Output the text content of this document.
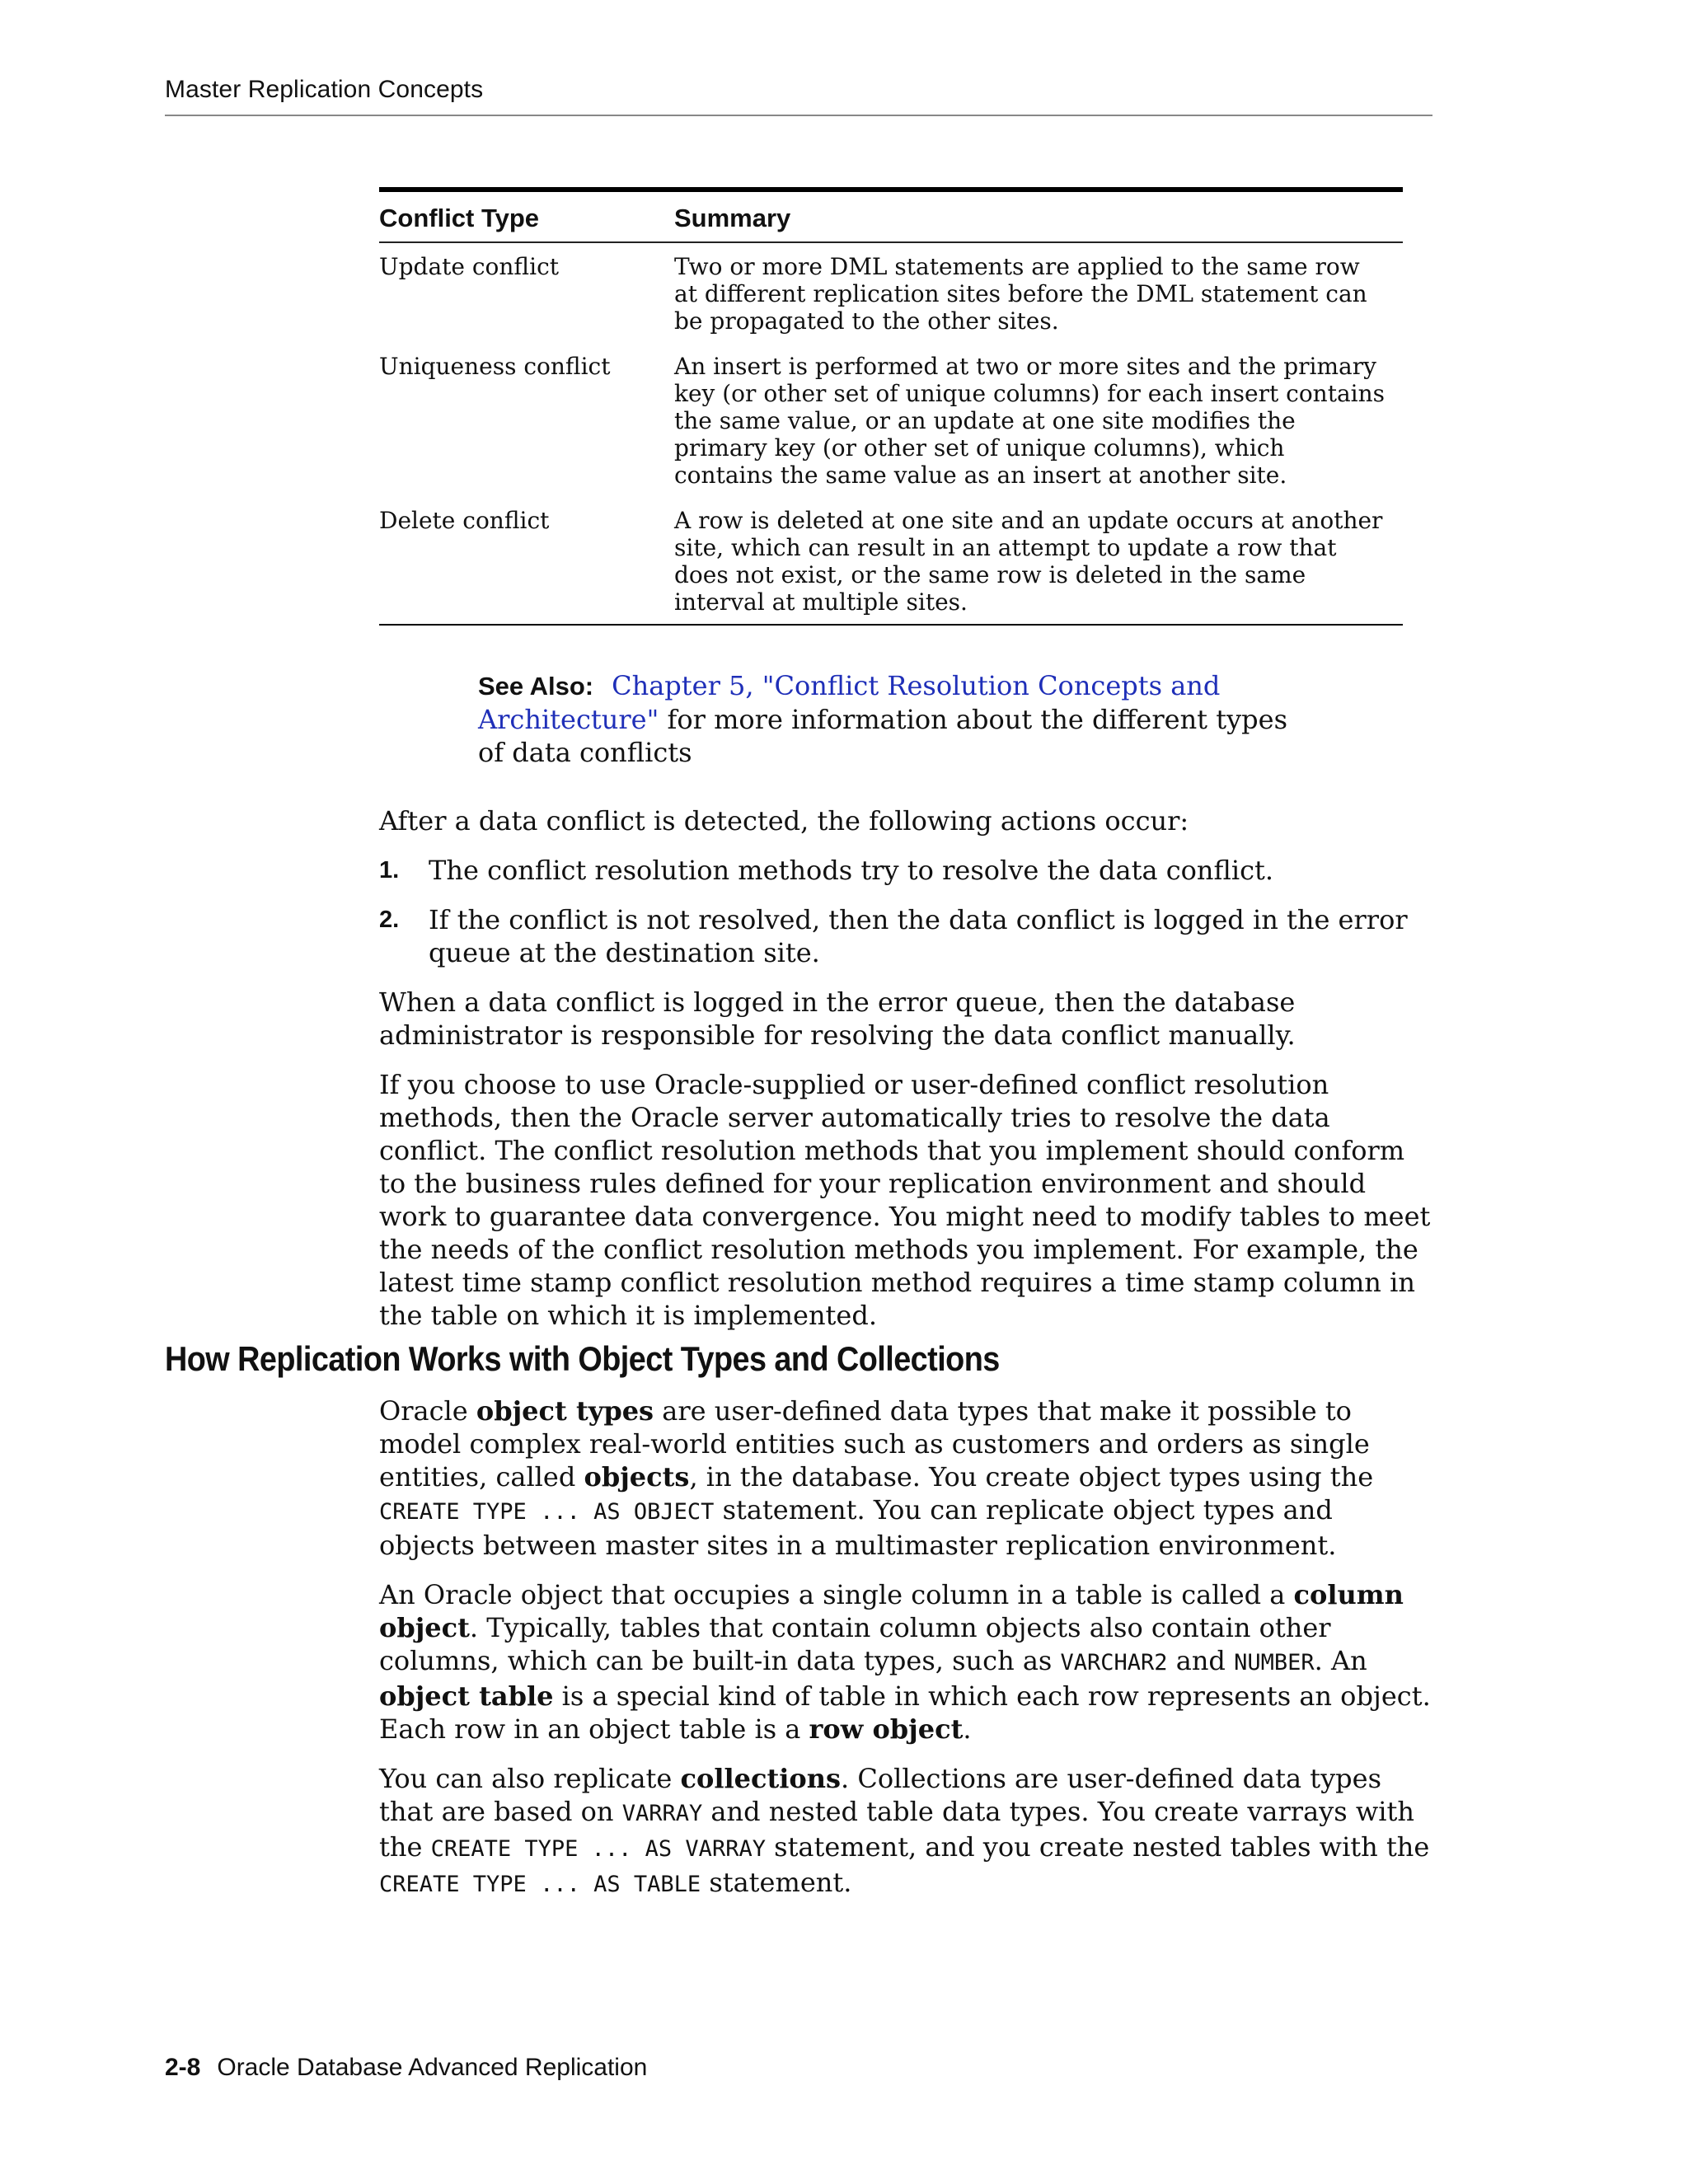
Master Replication Concepts
Conflict Type	Summary
Update conflict	Two or more DML statements are applied to the same row at different replication sites before the DML statement can be propagated to the other sites.
Uniqueness conflict	An insert is performed at two or more sites and the primary key (or other set of unique columns) for each insert contains the same value, or an update at one site modifies the primary key (or other set of unique columns), which contains the same value as an insert at another site.
Delete conflict	A row is deleted at one site and an update occurs at another site, which can result in an attempt to update a row that does not exist, or the same row is deleted in the same interval at multiple sites.
See Also: Chapter 5, "Conflict Resolution Concepts and Architecture" for more information about the different types of data conflicts

After a data conflict is detected, the following actions occur:

1. The conflict resolution methods try to resolve the data conflict.
2. If the conflict is not resolved, then the data conflict is logged in the error queue at the destination site.

When a data conflict is logged in the error queue, then the database administrator is responsible for resolving the data conflict manually.

If you choose to use Oracle-supplied or user-defined conflict resolution methods, then the Oracle server automatically tries to resolve the data conflict. The conflict resolution methods that you implement should conform to the business rules defined for your replication environment and should work to guarantee data convergence. You might need to modify tables to meet the needs of the conflict resolution methods you implement. For example, the latest time stamp conflict resolution method requires a time stamp column in the table on which it is implemented.

How Replication Works with Object Types and Collections

Oracle object types are user-defined data types that make it possible to model complex real-world entities such as customers and orders as single entities, called objects, in the database. You create object types using the CREATE TYPE ... AS OBJECT statement. You can replicate object types and objects between master sites in a multimaster replication environment.

An Oracle object that occupies a single column in a table is called a column object. Typically, tables that contain column objects also contain other columns, which can be built-in data types, such as VARCHAR2 and NUMBER. An object table is a special kind of table in which each row represents an object. Each row in an object table is a row object.

You can also replicate collections. Collections are user-defined data types that are based on VARRAY and nested table data types. You create varrays with the CREATE TYPE ... AS VARRAY statement, and you create nested tables with the CREATE TYPE ... AS TABLE statement.

2-8 Oracle Database Advanced Replication
